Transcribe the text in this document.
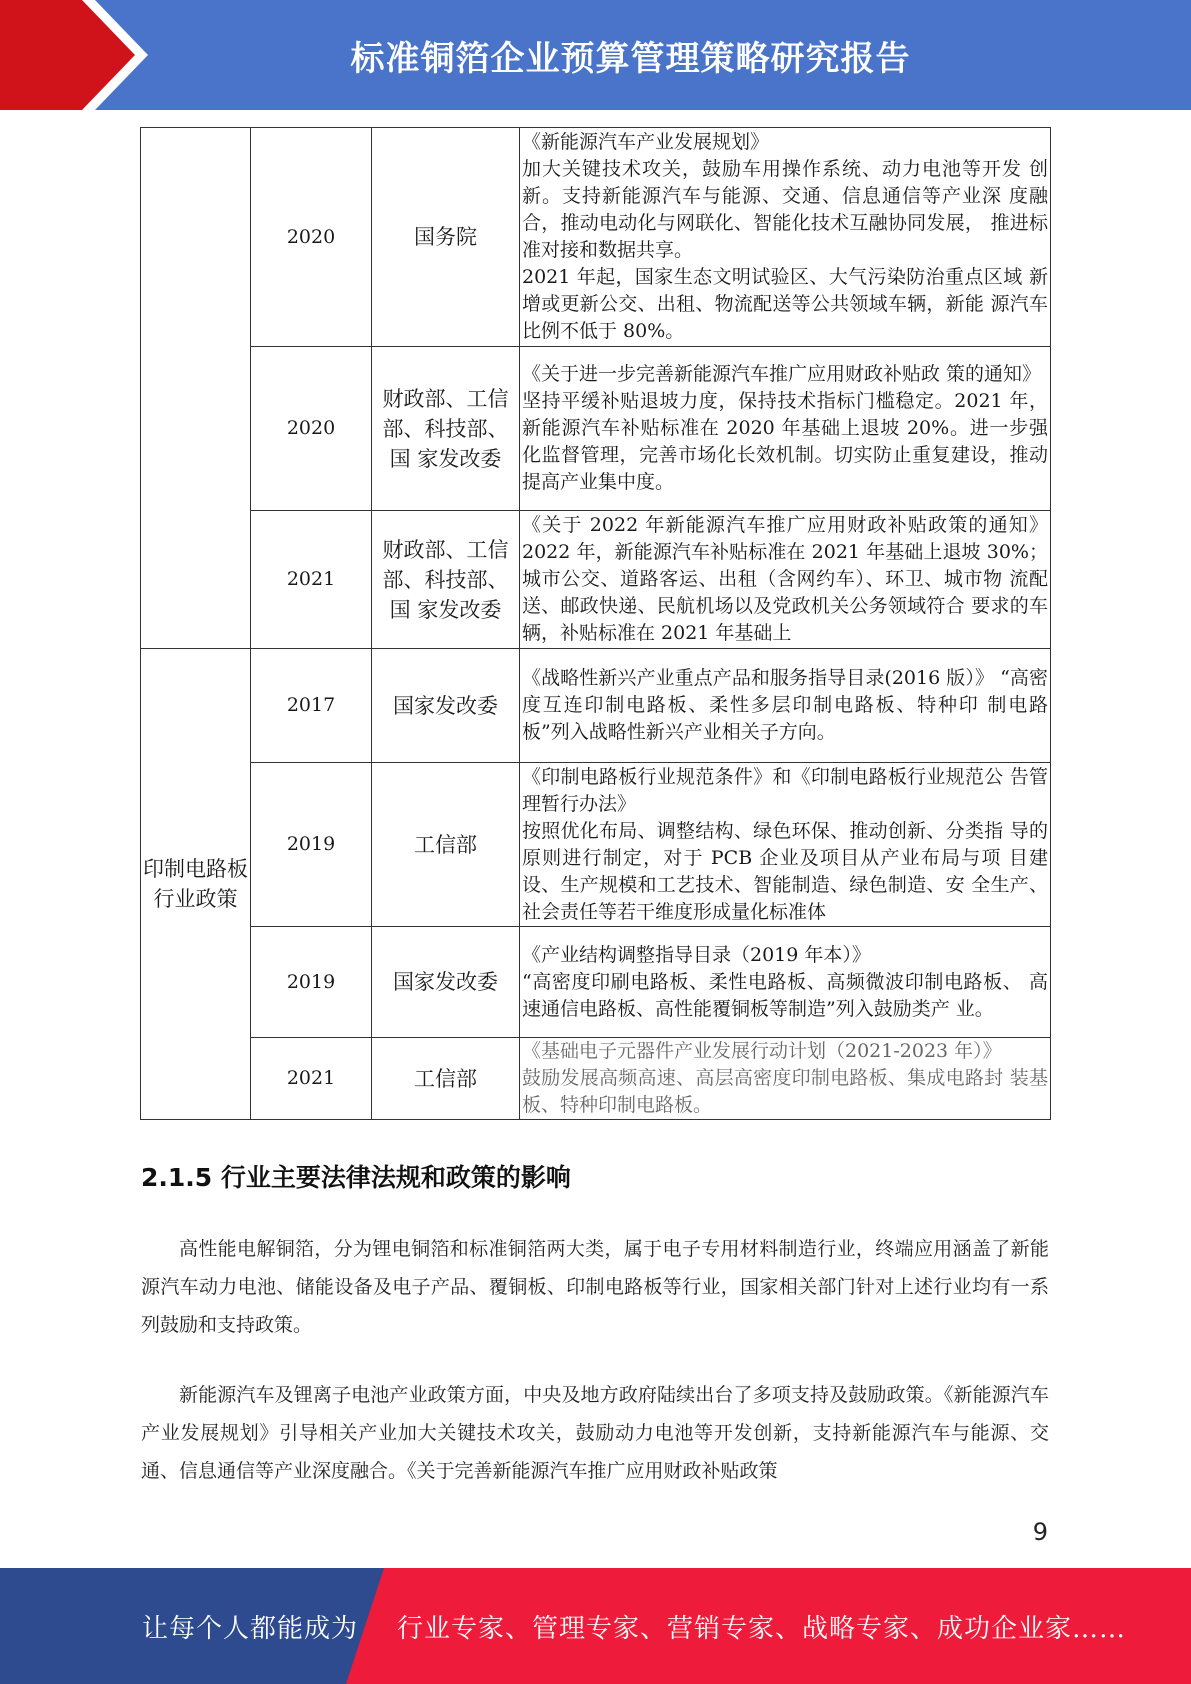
标准铜箔企业预算管理策略研究报告
	2020	国务院	《新能源汽车产业发展规划》
加大关键技术攻关，鼓励车用操作系统、动力电池等开发 创新。支持新能源汽车与能源、交通、信息通信等产业深 度融合，推动电动化与网联化、智能化技术互融协同发展， 推进标准对接和数据共享。
2021 年起，国家生态文明试验区、大气污染防治重点区域 新增或更新公交、出租、物流配送等公共领域车辆，新能 源汽车比例不低于 80%。

	2020	财政部、工信部、科技部、国 家发改委	《关于进一步完善新能源汽车推广应用财政补贴政 策的通知》
坚持平缓补贴退坡力度，保持技术指标门槛稳定。2021 年，新能源汽车补贴标准在 2020 年基础上退坡 20%。进一步强化监督管理，完善市场化长效机制。切实防止重复建设，推动提高产业集中度。

	2021	财政部、工信部、科技部、国 家发改委	《关于 2022 年新能源汽车推广应用财政补贴政策的通知》 2022 年，新能源汽车补贴标准在 2021 年基础上退坡 30%； 城市公交、道路客运、出租（含网约车）、环卫、城市物 流配送、邮政快递、民航机场以及党政机关公务领域符合 要求的车辆，补贴标准在 2021 年基础上

印制电路板行业政策	2017	国家发改委	《战略性新兴产业重点产品和服务指导目录(2016 版）》 “高密度互连印制电路板、柔性多层印制电路板、特种印 制电路板”列入战略性新兴产业相关子方向。

	2019	工信部	《印制电路板行业规范条件》和《印制电路板行业规范公 告管理暂行办法》
按照优化布局、调整结构、绿色环保、推动创新、分类指 导的原则进行制定，对于 PCB 企业及项目从产业布局与项 目建设、生产规模和工艺技术、智能制造、绿色制造、安 全生产、社会责任等若干维度形成量化标准体

	2019	国家发改委	《产业结构调整指导目录（2019 年本）》
“高密度印刷电路板、柔性电路板、高频微波印制电路板、 高速通信电路板、高性能覆铜板等制造”列入鼓励类产 业。

	2021	工信部	《基础电子元器件产业发展行动计划（2021-2023 年）》
鼓励发展高频高速、高层高密度印制电路板、集成电路封 装基板、特种印制电路板。
2.1.5 行业主要法律法规和政策的影响
高性能电解铜箔，分为锂电铜箔和标准铜箔两大类，属于电子专用材料制造行业，终端应用涵盖了新能源汽车动力电池、储能设备及电子产品、覆铜板、印制电路板等行业，国家相关部门针对上述行业均有一系列鼓励和支持政策。
新能源汽车及锂离子电池产业政策方面，中央及地方政府陆续出台了多项支持及鼓励政策。《新能源汽车产业发展规划》引导相关产业加大关键技术攻关，鼓励动力电池等开发创新，支持新能源汽车与能源、交通、信息通信等产业深度融合。《关于完善新能源汽车推广应用财政补贴政策
9
让每个人都能成为 行业专家、管理专家、营销专家、战略专家、成功企业家……
